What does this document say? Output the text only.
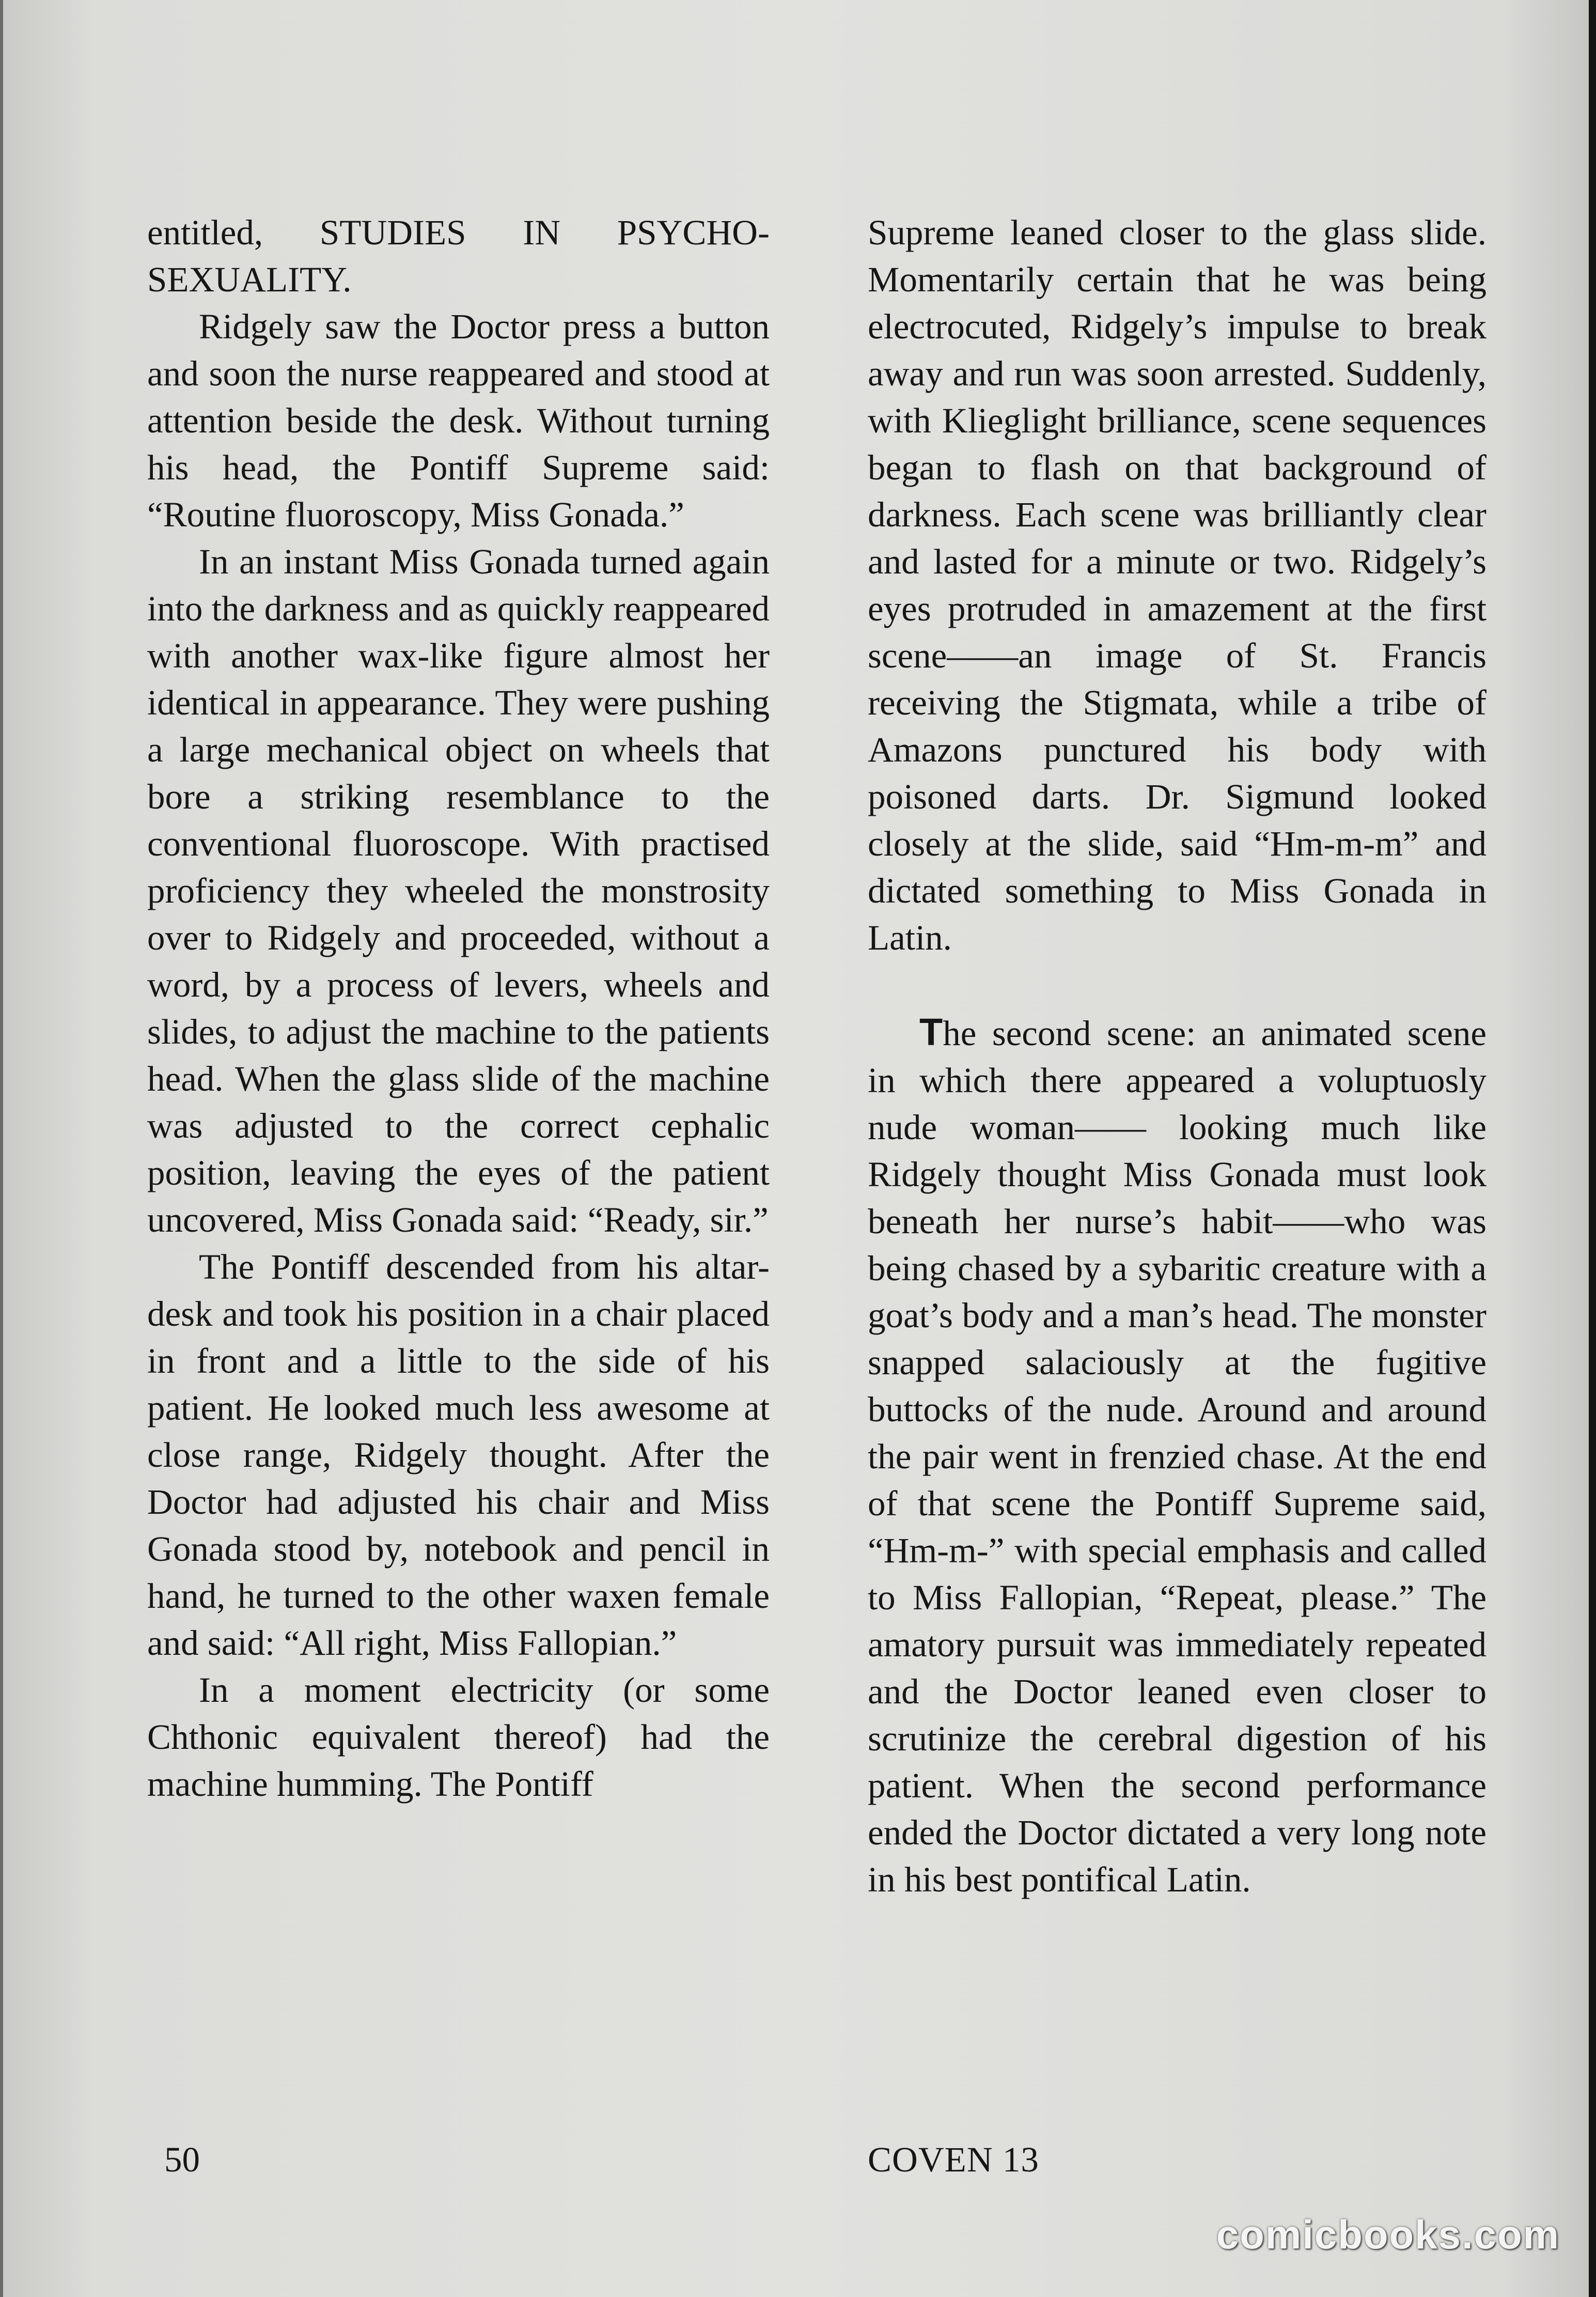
entitled, STUDIES IN PSYCHO-SEXUALITY.

Ridgely saw the Doctor press a button and soon the nurse reappeared and stood at attention beside the desk. Without turning his head, the Pontiff Supreme said: “Routine fluoroscopy, Miss Gonada.”

In an instant Miss Gonada turned again into the darkness and as quickly reappeared with another wax-like figure almost her identical in appearance. They were pushing a large mechanical object on wheels that bore a striking resemblance to the conventional fluoroscope. With practised proficiency they wheeled the monstrosity over to Ridgely and proceeded, without a word, by a process of levers, wheels and slides, to adjust the machine to the patients head. When the glass slide of the machine was adjusted to the correct cephalic position, leaving the eyes of the patient uncovered, Miss Gonada said: “Ready, sir.”

The Pontiff descended from his altar-desk and took his position in a chair placed in front and a little to the side of his patient. He looked much less awesome at close range, Ridgely thought. After the Doctor had adjusted his chair and Miss Gonada stood by, notebook and pencil in hand, he turned to the other waxen female and said: “All right, Miss Fallopian.”

In a moment electricity (or some Chthonic equivalent thereof) had the machine humming. The Pontiff

Supreme leaned closer to the glass slide. Momentarily certain that he was being electrocuted, Ridgely’s impulse to break away and run was soon arrested. Suddenly, with Klieglight brilliance, scene sequences began to flash on that background of darkness. Each scene was brilliantly clear and lasted for a minute or two. Ridgely’s eyes protruded in amazement at the first scene——an image of St. Francis receiving the Stigmata, while a tribe of Amazons punctured his body with poisoned darts. Dr. Sigmund looked closely at the slide, said “Hm-m-m” and dictated something to Miss Gonada in Latin.

The second scene: an animated scene in which there appeared a voluptuosly nude woman—— looking much like Ridgely thought Miss Gonada must look beneath her nurse’s habit——who was being chased by a sybaritic creature with a goat’s body and a man’s head. The monster snapped salaciously at the fugitive buttocks of the nude. Around and around the pair went in frenzied chase. At the end of that scene the Pontiff Supreme said, “Hm-m-” with special emphasis and called to Miss Fallopian, “Repeat, please.” The amatory pursuit was immediately repeated and the Doctor leaned even closer to scrutinize the cerebral digestion of his patient. When the second performance ended the Doctor dictated a very long note in his best pontifical Latin.

50	COVEN 13
comicbooks.com
